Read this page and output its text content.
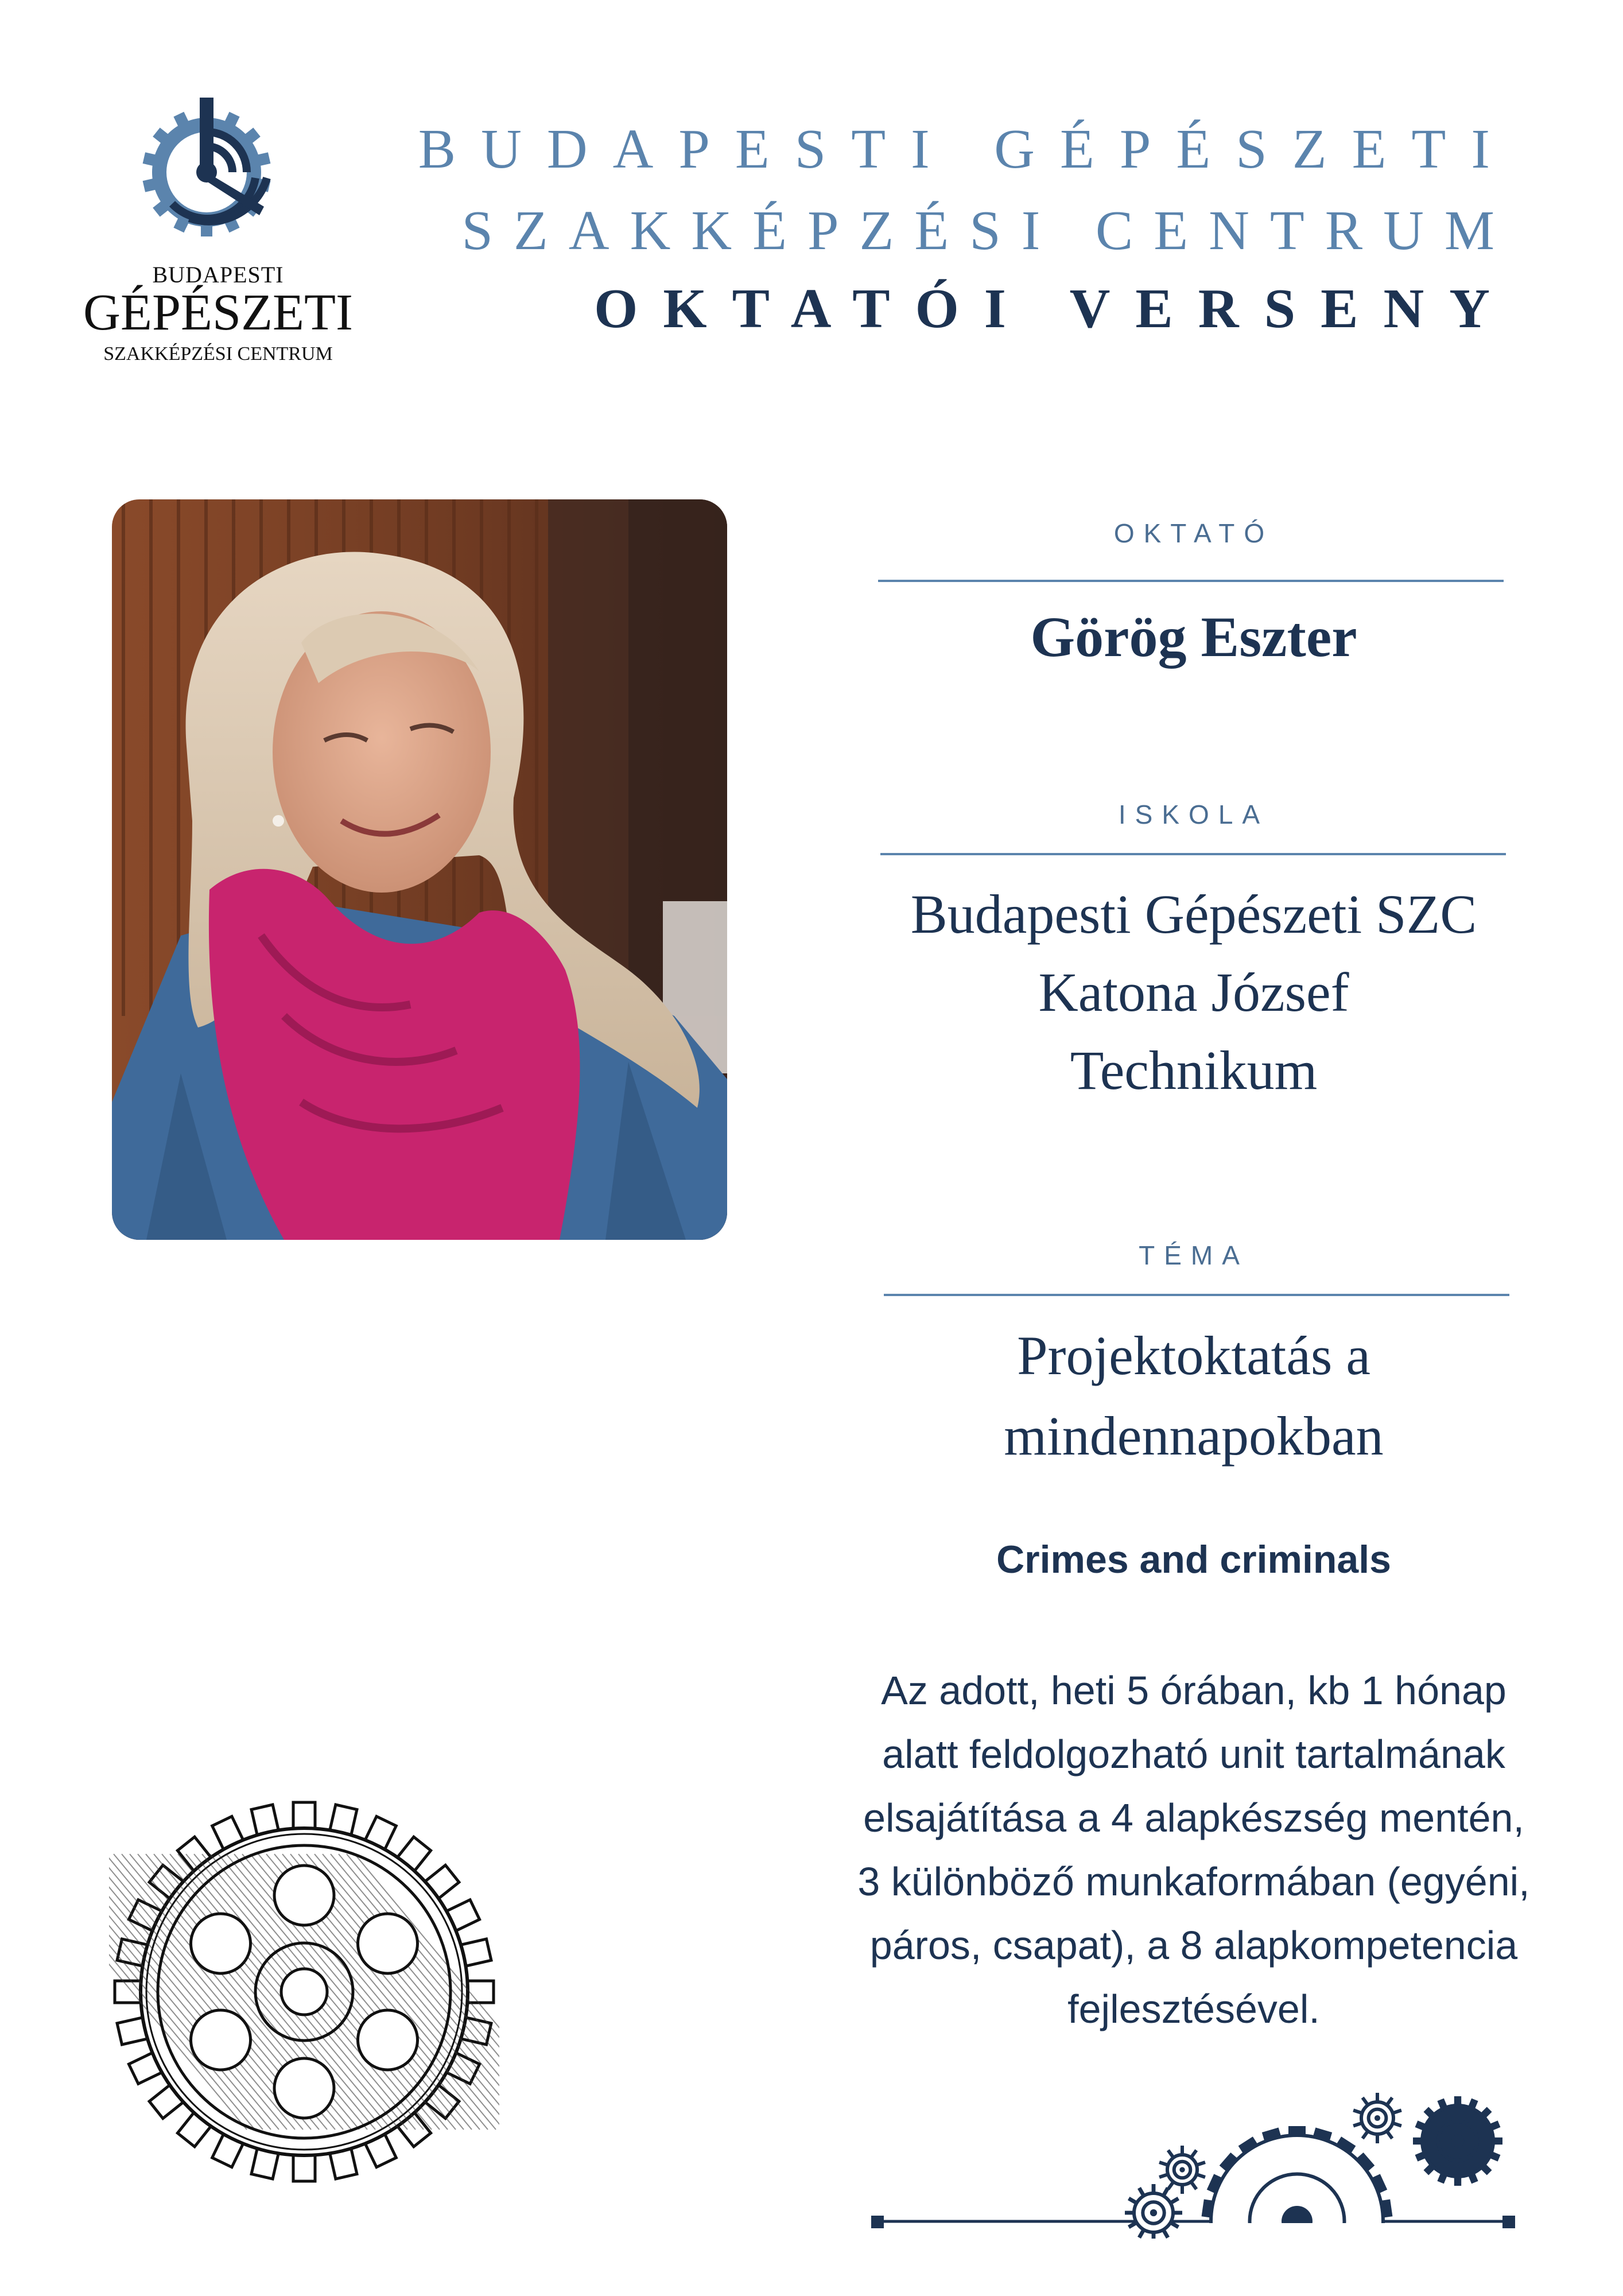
BUDAPESTI
GÉPÉSZETI
SZAKKÉPZÉSI CENTRUM
BUDAPESTI GÉPÉSZETI
SZAKKÉPZÉSI CENTRUM
OKTATÓI VERSENY
OKTATÓ
Görög Eszter
ISKOLA
Budapesti Gépészeti SZC
Katona József
Technikum
TÉMA
Projektoktatás a
mindennapokban
Crimes and criminals
Az adott, heti 5 órában, kb 1 hónap
alatt feldolgozható unit tartalmának
elsajátítása a 4 alapkészség mentén,
3 különböző munkaformában (egyéni,
páros, csapat), a 8 alapkompetencia
fejlesztésével.
